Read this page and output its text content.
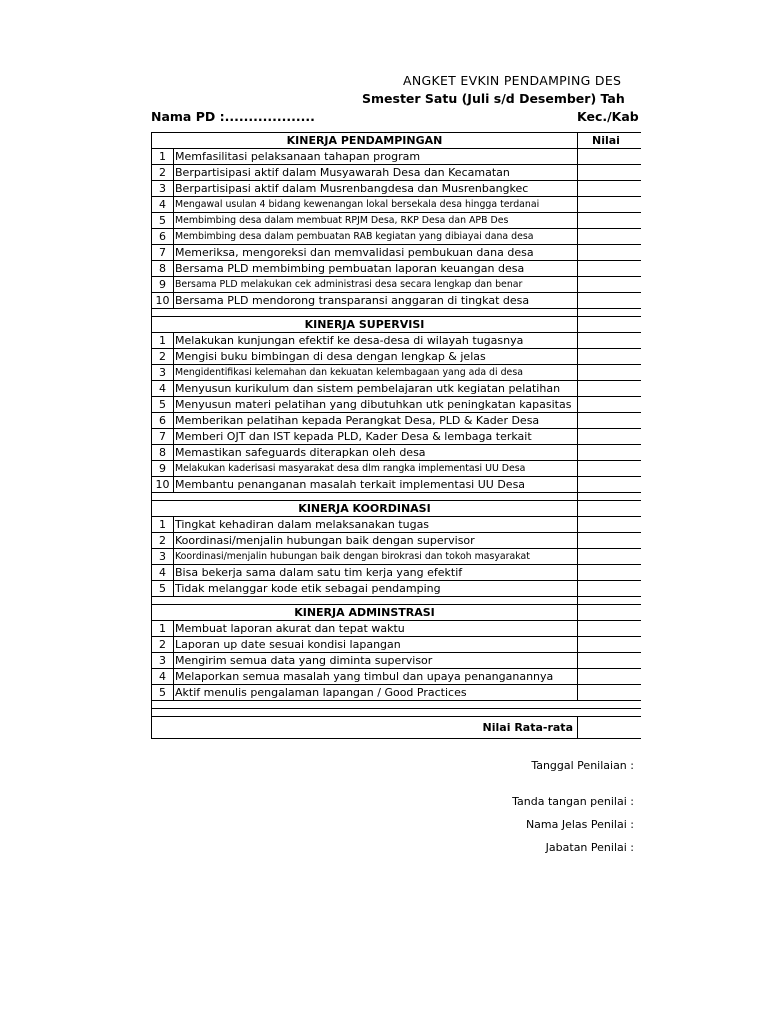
ANGKET EVKIN PENDAMPING DES
Smester Satu (Juli s/d Desember) Tah
Nama PD :...................	Kec./Kab
KINERJA PENDAMPINGAN	Nilai
1 Memfasilitasi pelaksanaan tahapan program
2 Berpartisipasi aktif dalam Musyawarah Desa dan Kecamatan
3 Berpartisipasi aktif dalam Musrenbangdesa dan Musrenbangkec
4 Mengawal usulan 4 bidang kewenangan lokal bersekala desa hingga terdanai
5 Membimbing desa dalam membuat RPJM Desa, RKP Desa dan APB Des
6 Membimbing desa dalam pembuatan RAB kegiatan yang dibiayai dana desa
7 Memeriksa, mengoreksi dan memvalidasi pembukuan dana desa
8 Bersama PLD membimbing pembuatan laporan keuangan desa
9 Bersama PLD melakukan cek administrasi desa secara lengkap dan benar
10 Bersama PLD mendorong transparansi anggaran di tingkat desa
KINERJA SUPERVISI
1 Melakukan kunjungan efektif ke desa-desa di wilayah tugasnya
2 Mengisi buku bimbingan di desa dengan lengkap & jelas
3 Mengidentifikasi kelemahan dan kekuatan kelembagaan yang ada di desa
4 Menyusun kurikulum dan sistem pembelajaran utk kegiatan pelatihan
5 Menyusun materi pelatihan yang dibutuhkan utk peningkatan kapasitas
6 Memberikan pelatihan kepada Perangkat Desa, PLD & Kader Desa
7 Memberi OJT dan IST kepada PLD, Kader Desa & lembaga terkait
8 Memastikan safeguards diterapkan oleh desa
9 Melakukan kaderisasi masyarakat desa dlm rangka implementasi UU Desa
10 Membantu penanganan masalah terkait implementasi UU Desa
KINERJA KOORDINASI
1 Tingkat kehadiran dalam melaksanakan tugas
2 Koordinasi/menjalin hubungan baik dengan supervisor
3 Koordinasi/menjalin hubungan baik dengan birokrasi dan tokoh masyarakat
4 Bisa bekerja sama dalam satu tim kerja yang efektif
5 Tidak melanggar kode etik sebagai pendamping
KINERJA ADMINSTRASI
1 Membuat laporan akurat dan tepat waktu
2 Laporan up date sesuai kondisi lapangan
3 Mengirim semua data yang diminta supervisor
4 Melaporkan semua masalah yang timbul dan upaya penanganannya
5 Aktif menulis pengalaman lapangan / Good Practices
Nilai Rata-rata
Tanggal Penilaian :
Tanda tangan penilai :
Nama Jelas Penilai :
Jabatan Penilai :
